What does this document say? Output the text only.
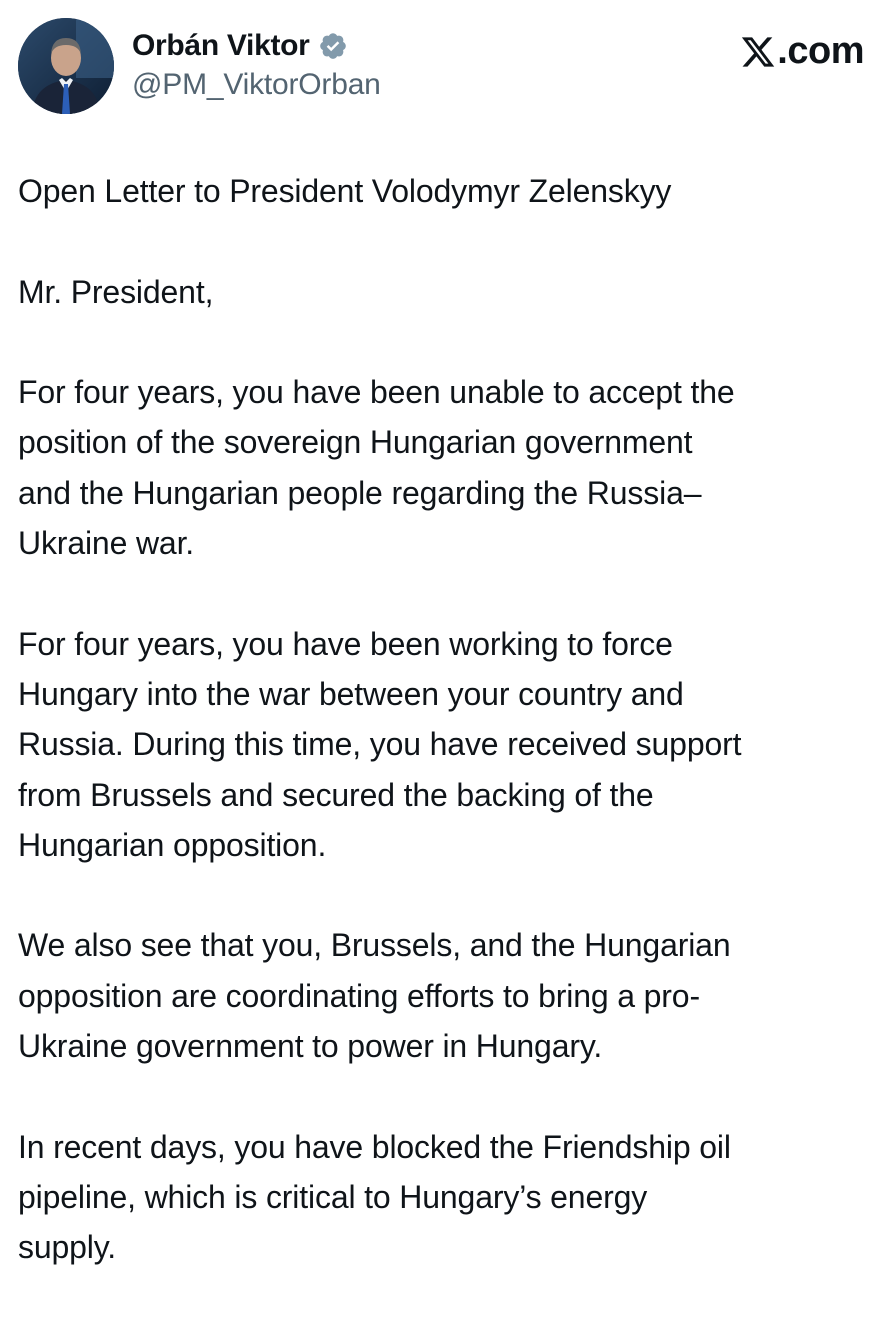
Orbán Viktor
@PM_ViktorOrban
.com

Open Letter to President Volodymyr Zelenskyy

Mr. President,

For four years, you have been unable to accept the
position of the sovereign Hungarian government
and the Hungarian people regarding the Russia–
Ukraine war.

For four years, you have been working to force
Hungary into the war between your country and
Russia. During this time, you have received support
from Brussels and secured the backing of the
Hungarian opposition.

We also see that you, Brussels, and the Hungarian
opposition are coordinating efforts to bring a pro-
Ukraine government to power in Hungary.

In recent days, you have blocked the Friendship oil
pipeline, which is critical to Hungary’s energy
supply.
